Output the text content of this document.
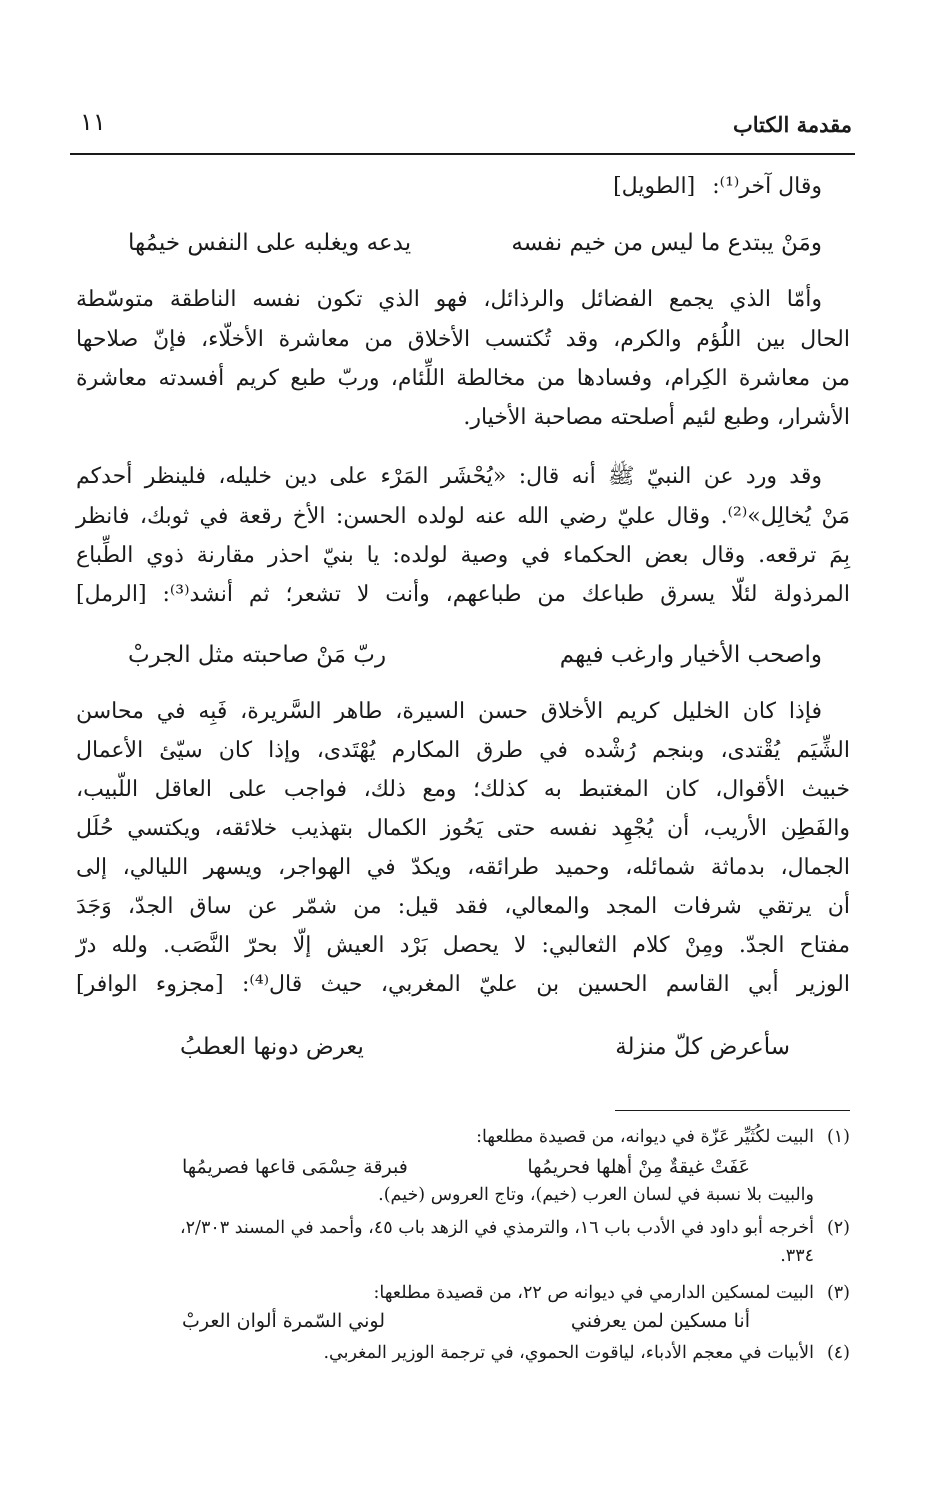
مقدمة الكتاب
١١
وقال آخر⁽¹⁾: [الطويل]
ومَنْ يبتدع ما ليس من خيم نفسه
يدعه ويغلبه على النفس خيمُها
وأمّا الذي يجمع الفضائل والرذائل، فهو الذي تكون نفسه الناطقة متوسّطة
الحال بين اللُؤم والكرم، وقد تُكتسب الأخلاق من معاشرة الأخلّاء، فإنّ صلاحها
من معاشرة الكِرام، وفسادها من مخالطة اللِّئام، وربّ طبع كريم أفسدته معاشرة
الأشرار، وطبع لئيم أصلحته مصاحبة الأخيار.
وقد ورد عن النبيّ ﷺ أنه قال: «يُحْشَر المَرْء على دين خليله، فلينظر أحدكم
مَنْ يُخالِل»⁽²⁾. وقال عليّ رضي الله عنه لولده الحسن: الأخ رقعة في ثوبك، فانظر
بِمَ ترقعه. وقال بعض الحكماء في وصية لولده: يا بنيّ احذر مقارنة ذوي الطِّباع
المرذولة لئلّا يسرق طباعك من طباعهم، وأنت لا تشعر؛ ثم أنشد⁽³⁾: [الرمل]
واصحب الأخيار وارغب فيهم
ربّ مَنْ صاحبته مثل الجربْ
فإذا كان الخليل كريم الأخلاق حسن السيرة، طاهر السَّريرة، فَبِه في محاسن
الشِّيَم يُقْتدى، وبنجم رُشْده في طرق المكارم يُهْتَدى، وإذا كان سيّئ الأعمال
خبيث الأقوال، كان المغتبط به كذلك؛ ومع ذلك، فواجب على العاقل اللّبيب،
والفَطِن الأريب، أن يُجْهِد نفسه حتى يَحُوز الكمال بتهذيب خلائقه، ويكتسي حُلَل
الجمال، بدماثة شمائله، وحميد طرائقه، ويكدّ في الهواجر، ويسهر الليالي، إلى
أن يرتقي شرفات المجد والمعالي، فقد قيل: من شمّر عن ساق الجدّ، وَجَدَ
مفتاح الجدّ. ومِنْ كلام الثعالبي: لا يحصل بَرْد العيش إلّا بحرّ النَّصَب. ولله درّ
الوزير أبي القاسم الحسين بن عليّ المغربي، حيث قال⁽⁴⁾: [مجزوء الوافر]
سأعرض كلّ منزلة
يعرض دونها العطبُ
(١)البيت لكُثَيِّر عَزّة في ديوانه، من قصيدة مطلعها:
عَفَتْ غيقةٌ مِنْ أهلها فحريمُها
فبرقة حِسْمَى قاعها فصريمُها
والبيت بلا نسبة في لسان العرب (خيم)، وتاج العروس (خيم).
(٢)أخرجه أبو داود في الأدب باب ١٦، والترمذي في الزهد باب ٤٥، وأحمد في المسند ٢/٣٠٣،
٣٣٤.
(٣)البيت لمسكين الدارمي في ديوانه ص ٢٢، من قصيدة مطلعها:
أنا مسكين لمن يعرفني
لوني السّمرة ألوان العربْ
(٤)الأبيات في معجم الأدباء، لياقوت الحموي، في ترجمة الوزير المغربي.
